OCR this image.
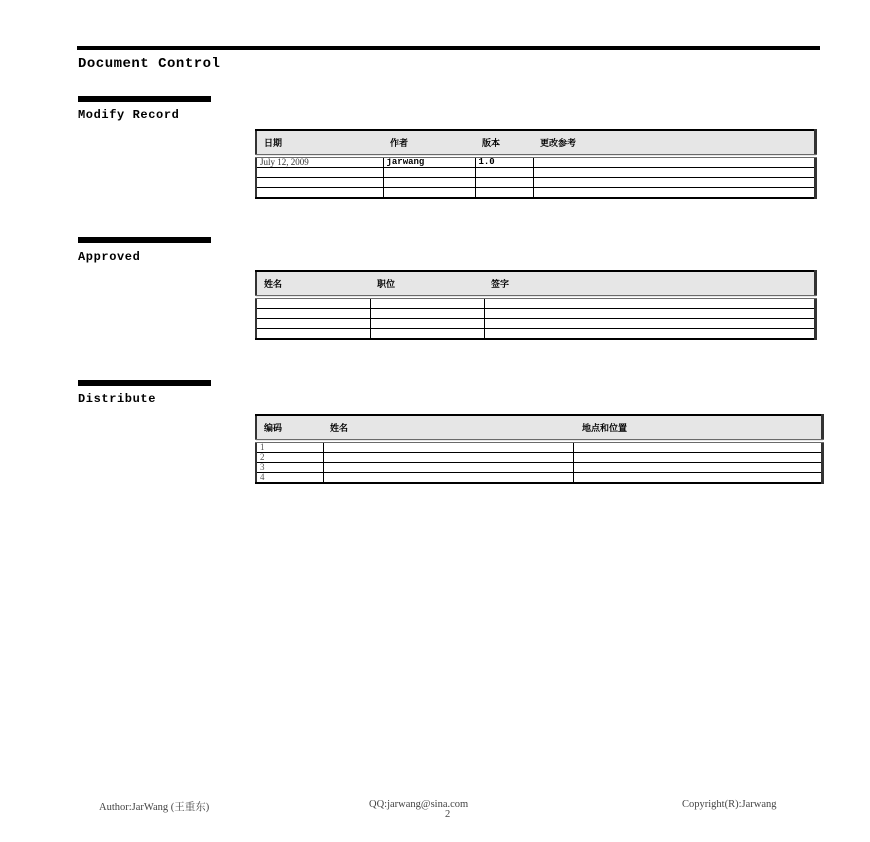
Document Control
Modify Record
日期	作者	版本	更改参考
July 12, 2009	jarwang	1.0	

Approved
姓名	职位	签字

Distribute
编码	姓名	地点和位置
1		
2		
3		
4		
Author:JarWang (王重东)	QQ:jarwang@sina.com
2
Copyright(R):Jarwang
